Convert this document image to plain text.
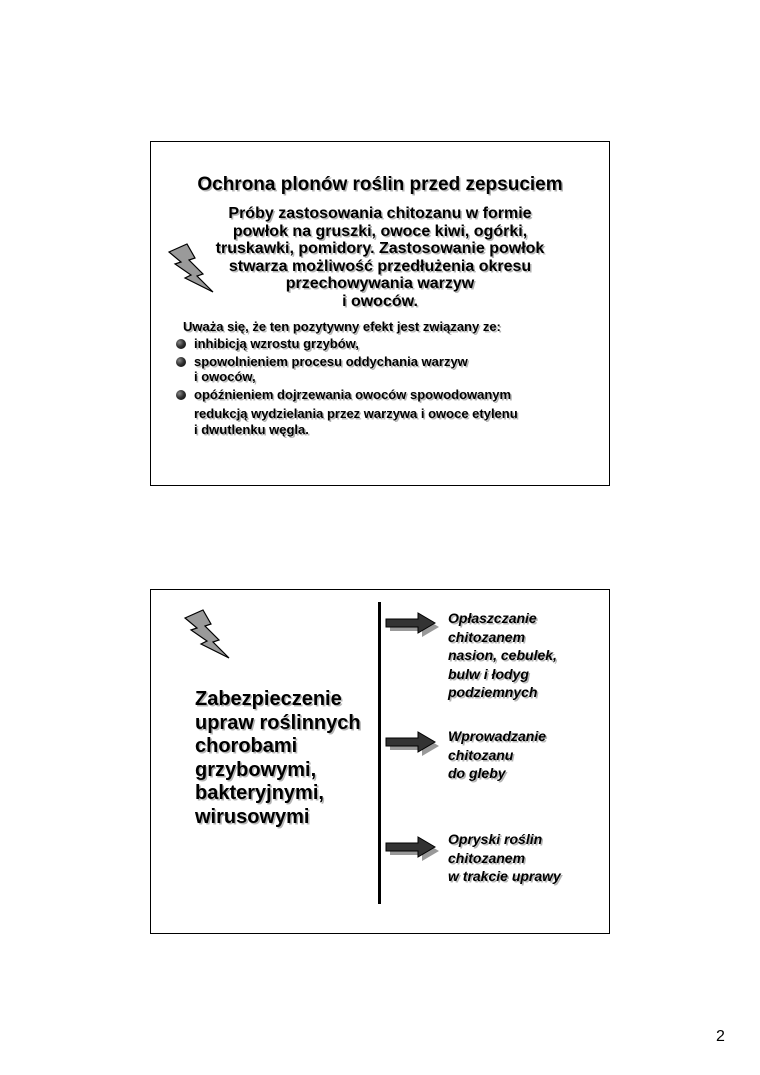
Ochrona plonów roślin przed zepsuciem
Próby zastosowania chitozanu w formie
powłok na gruszki, owoce kiwi, ogórki,
truskawki, pomidory. Zastosowanie powłok
stwarza możliwość przedłużenia okresu
przechowywania warzyw
i owoców.
Uważa się, że ten pozytywny efekt jest związany ze:
inhibicją wzrostu grzybów,
spowolnieniem procesu oddychania warzyw
i owoców,
opóźnieniem dojrzewania owoców spowodowanym
redukcją wydzielania przez warzywa i owoce etylenu
i dwutlenku węgla.
Zabezpieczenie
upraw roślinnych
chorobami
grzybowymi,
bakteryjnymi,
wirusowymi
Opłaszczanie
chitozanem
nasion, cebulek,
bulw i łodyg
podziemnych
Wprowadzanie
chitozanu
do gleby
Opryski roślin
chitozanem
w trakcie uprawy
2
